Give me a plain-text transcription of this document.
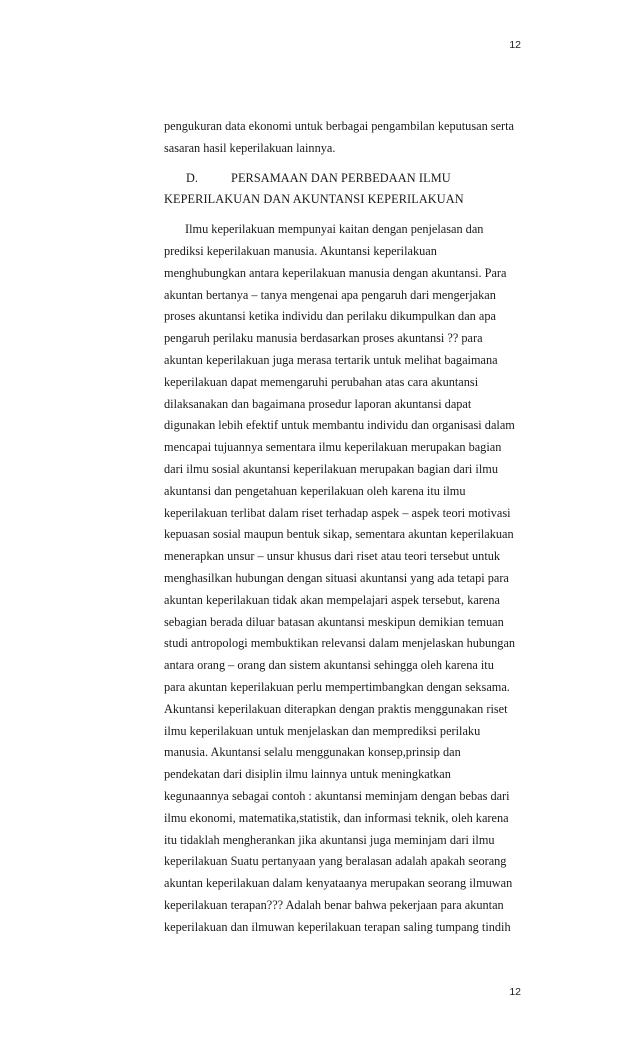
12
pengukuran data ekonomi untuk berbagai pengambilan keputusan serta
sasaran hasil keperilakuan lainnya.
D.	PERSAMAAN DAN PERBEDAAN ILMU
KEPERILAKUAN DAN AKUNTANSI KEPERILAKUAN
Ilmu keperilakuan mempunyai kaitan dengan penjelasan dan
prediksi keperilakuan manusia. Akuntansi keperilakuan
menghubungkan antara keperilakuan manusia dengan akuntansi. Para
akuntan bertanya – tanya mengenai apa pengaruh dari mengerjakan
proses akuntansi ketika individu dan perilaku dikumpulkan dan apa
pengaruh perilaku manusia berdasarkan proses akuntansi ?? para
akuntan keperilakuan juga merasa tertarik untuk melihat bagaimana
keperilakuan dapat memengaruhi perubahan atas cara akuntansi
dilaksanakan dan bagaimana prosedur laporan akuntansi dapat
digunakan lebih efektif untuk membantu individu dan organisasi dalam
mencapai tujuannya sementara ilmu keperilakuan merupakan bagian
dari ilmu sosial akuntansi keperilakuan merupakan bagian dari ilmu
akuntansi dan pengetahuan keperilakuan oleh karena itu ilmu
keperilakuan terlibat dalam riset terhadap aspek – aspek teori motivasi
kepuasan sosial maupun bentuk sikap, sementara akuntan keperilakuan
menerapkan unsur – unsur khusus dari riset atau teori tersebut untuk
menghasilkan hubungan dengan situasi akuntansi yang ada tetapi para
akuntan keperilakuan tidak akan mempelajari aspek tersebut, karena
sebagian berada diluar batasan akuntansi meskipun demikian temuan
studi antropologi membuktikan relevansi dalam menjelaskan hubungan
antara orang – orang dan sistem akuntansi sehingga oleh karena itu
para akuntan keperilakuan perlu mempertimbangkan dengan seksama.
Akuntansi keperilakuan diterapkan dengan praktis menggunakan riset
ilmu keperilakuan untuk menjelaskan dan memprediksi perilaku
manusia. Akuntansi selalu menggunakan konsep,prinsip dan
pendekatan dari disiplin ilmu lainnya untuk meningkatkan
kegunaannya sebagai contoh : akuntansi meminjam dengan bebas dari
ilmu ekonomi, matematika,statistik, dan informasi teknik, oleh karena
itu tidaklah mengherankan jika akuntansi juga meminjam dari ilmu
keperilakuan Suatu pertanyaan yang beralasan adalah apakah seorang
akuntan keperilakuan dalam kenyataanya merupakan seorang ilmuwan
keperilakuan terapan??? Adalah benar bahwa pekerjaan para akuntan
keperilakuan dan ilmuwan keperilakuan terapan saling tumpang tindih
12
